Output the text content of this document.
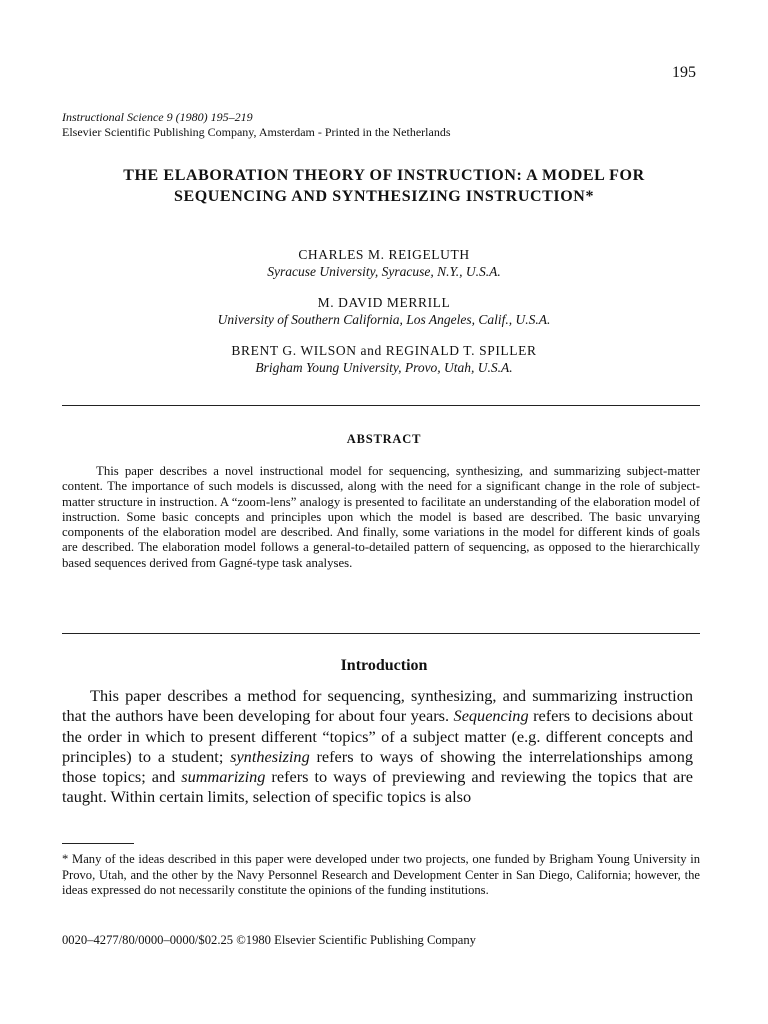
195
Instructional Science 9 (1980) 195–219
Elsevier Scientific Publishing Company, Amsterdam - Printed in the Netherlands
THE ELABORATION THEORY OF INSTRUCTION: A MODEL FOR
SEQUENCING AND SYNTHESIZING INSTRUCTION*
CHARLES M. REIGELUTH
Syracuse University, Syracuse, N.Y., U.S.A.
M. DAVID MERRILL
University of Southern California, Los Angeles, Calif., U.S.A.
BRENT G. WILSON and REGINALD T. SPILLER
Brigham Young University, Provo, Utah, U.S.A.
ABSTRACT
This paper describes a novel instructional model for sequencing, synthesizing, and summarizing subject-matter content. The importance of such models is discussed, along with the need for a significant change in the role of subject-matter structure in instruction. A “zoom-lens” analogy is presented to facilitate an understanding of the elaboration model of instruction. Some basic concepts and principles upon which the model is based are described. The basic unvarying components of the elaboration model are described. And finally, some variations in the model for different kinds of goals are described. The elaboration model follows a general-to-detailed pattern of sequencing, as opposed to the hierarchically based sequences derived from Gagné-type task analyses.
Introduction
This paper describes a method for sequencing, synthesizing, and summarizing instruction that the authors have been developing for about four years. Sequencing refers to decisions about the order in which to present different “topics” of a subject matter (e.g. different concepts and principles) to a student; synthesizing refers to ways of showing the interrelationships among those topics; and summarizing refers to ways of previewing and reviewing the topics that are taught. Within certain limits, selection of specific topics is also
* Many of the ideas described in this paper were developed under two projects, one funded by Brigham Young University in Provo, Utah, and the other by the Navy Personnel Research and Development Center in San Diego, California; however, the ideas expressed do not necessarily constitute the opinions of the funding institutions.
0020–4277/80/0000–0000/$02.25 ©1980 Elsevier Scientific Publishing Company
